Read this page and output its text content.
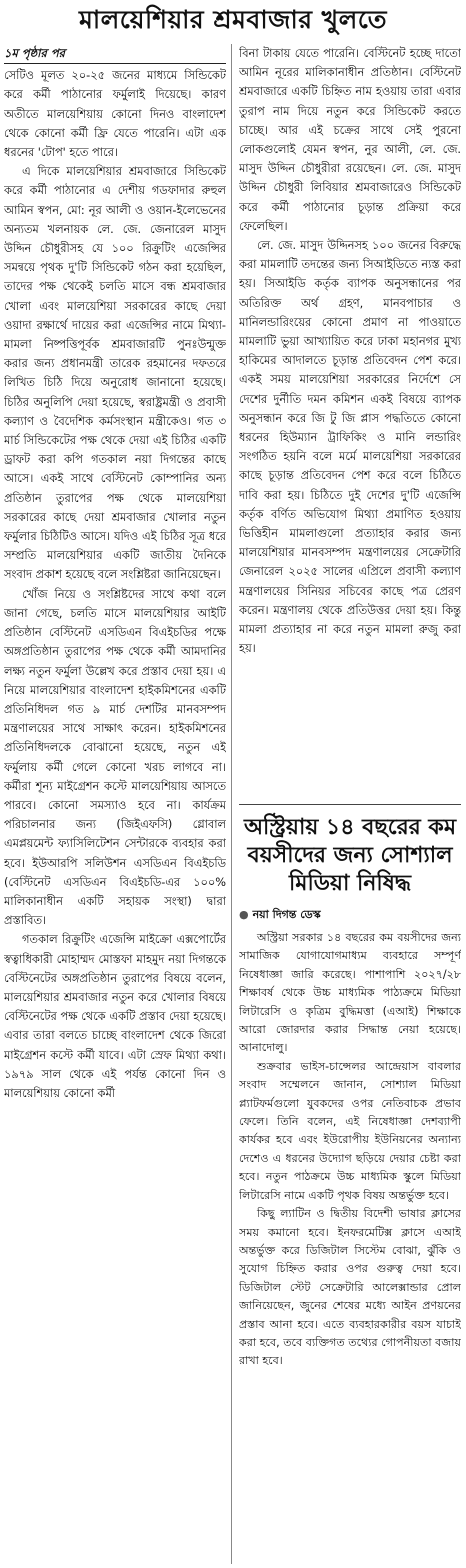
মালয়েশিয়ার শ্রমবাজার খুলতে
১ম পৃষ্ঠার পর

সেটিও মূলত ২০-২৫ জনের মাধ্যমে সিন্ডিকেট করে কর্মী পাঠানোর ফর্মুলাই দিয়েছে। কারণ অতীতে মালয়েশিয়ায় কোনো দিনও বাংলাদেশ থেকে কোনো কর্মী ফ্রি যেতে পারেনি। এটা এক ধরনের 'টোপ' হতে পারে।

এ দিকে মালয়েশিয়ার শ্রমবাজারে সিন্ডিকেট করে কর্মী পাঠানোর এ দেশীয় গডফাদার রুহুল আমিন স্বপন, মো: নূর আলী ও ওয়ান-ইলেভেনের অন্যতম খলনায়ক লে. জে. জেনারেল মাসুদ উদ্দিন চৌধুরীসহ যে ১০০ রিক্রুটিং এজেন্সির সমন্বয়ে পৃথক দু'টি সিন্ডিকেট গঠন করা হয়েছিল, তাদের পক্ষ থেকেই চলতি মাসে বন্ধ শ্রমবাজার খোলা এবং মালয়েশিয়া সরকারের কাছে দেয়া ওয়াদা রক্ষার্থে দায়ের করা এজেন্সির নামে মিথ্যা-মামলা নিষ্পত্তিপূর্বক শ্রমবাজারটি পুনঃউন্মুক্ত করার জন্য প্রধানমন্ত্রী তারেক রহমানের দফতরে লিখিত চিঠি দিয়ে অনুরোধ জানানো হয়েছে। চিঠির অনুলিপি দেয়া হয়েছে, স্বরাষ্ট্রমন্ত্রী ও প্রবাসী কল্যাণ ও বৈদেশিক কর্মসংস্থান মন্ত্রীকেও। গত ৩ মার্চ সিন্ডিকেটের পক্ষ থেকে দেয়া এই চিঠির একটি ড্রাফট করা কপি গতকাল নয়া দিগন্তের কাছে আসে। একই সাথে বেস্টিনেট কোম্পানির অন্য প্রতিষ্ঠান তুরাপের পক্ষ থেকে মালয়েশিয়া সরকারের কাছে দেয়া শ্রমবাজার খোলার নতুন ফর্মুলার চিঠিটিও আসে। যদিও এই চিঠির সূত্র ধরে সম্প্রতি মালয়েশিয়ার একটি জাতীয় দৈনিকে সংবাদ প্রকাশ হয়েছে বলে সংশ্লিষ্টরা জানিয়েছেন।

খোঁজ নিয়ে ও সংশ্লিষ্টদের সাথে কথা বলে জানা গেছে, চলতি মাসে মালয়েশিয়ার আইটি প্রতিষ্ঠান বেস্টিনেট এসডিএন বিএইচডির পক্ষে অঙ্গপ্রতিষ্ঠান তুরাপের পক্ষ থেকে কর্মী আমদানির লক্ষ্য নতুন ফর্মুলা উল্লেখ করে প্রস্তাব দেয়া হয়। এ নিয়ে মালয়েশিয়ার বাংলাদেশ হাইকমিশনের একটি প্রতিনিধিদল গত ৯ মার্চ দেশটির মানবসম্পদ মন্ত্রণালয়ের সাথে সাক্ষাৎ করেন। হাইকমিশনের প্রতিনিধিদলকে বোঝানো হয়েছে, নতুন এই ফর্মুলায় কর্মী গেলে কোনো খরচ লাগবে না। কর্মীরা শূন্য মাইগ্রেশন কস্টে মালয়েশিয়ায় আসতে পারবে। কোনো সমস্যাও হবে না। কার্যক্রম পরিচালনার জন্য (জিইএফসি) গ্লোবাল এমপ্লয়মেন্ট ফ্যাসিলিটেশন সেন্টারকে ব্যবহার করা হবে। ইউআরপি সলিউশন এসডিএন বিএইচডি (বেস্টিনেট এসডিএন বিএইচডি-এর ১০০% মালিকানাধীন একটি সহায়ক সংস্থা) দ্বারা প্রস্তাবিত।

গতকাল রিক্রুটিং এজেন্সি মাইক্রো এক্সপোর্টের স্বত্বাধিকারী মোহাম্মদ মোস্তফা মাহমুদ নয়া দিগন্তকে বেস্টিনেটের অঙ্গপ্রতিষ্ঠান তুরাপের বিষয়ে বলেন, মালয়েশিয়ার শ্রমবাজার নতুন করে খোলার বিষয়ে বেস্টিনেটের পক্ষ থেকে একটি প্রস্তাব দেয়া হয়েছে। এবার তারা বলতে চাচ্ছে বাংলাদেশ থেকে জিরো মাইগ্রেশন কস্টে কর্মী যাবে। এটা স্রেফ মিথ্যা কথা। ১৯৭৯ সাল থেকে এই পর্যন্ত কোনো দিন ও মালয়েশিয়ায় কোনো কর্মী

বিনা টাকায় যেতে পারেনি। বেস্টিনেট হচ্ছে দাতো আমিন নূরের মালিকানাধীন প্রতিষ্ঠান। বেস্টিনেট শ্রমবাজারে একটি চিহ্নিত নাম হওয়ায় তারা এবার তুরাপ নাম দিয়ে নতুন করে সিন্ডিকেট করতে চাচ্ছে। আর এই চক্রের সাথে সেই পুরনো লোকগুলোই যেমন স্বপন, নুর আলী, লে. জে. মাসুদ উদ্দিন চৌধুরীরা রয়েছেন। লে. জে. মাসুদ উদ্দিন চৌধুরী লিবিয়ার শ্রমবাজারেও সিন্ডিকেট করে কর্মী পাঠানোর চূড়ান্ত প্রক্রিয়া করে ফেলেছিল।

লে. জে. মাসুদ উদ্দিনসহ ১০০ জনের বিরুদ্ধে করা মামলাটি তদন্তের জন্য সিআইডিতে ন্যস্ত করা হয়। সিআইডি কর্তৃক ব্যাপক অনুসন্ধানের পর অতিরিক্ত অর্থ গ্রহণ, মানবপাচার ও মানিলন্ডারিংয়ের কোনো প্রমাণ না পাওয়াতে মামলাটি ভুয়া আখ্যায়িত করে ঢাকা মহানগর মুখ্য হাকিমের আদালতে চূড়ান্ত প্রতিবেদন পেশ করে। একই সময় মালয়েশিয়া সরকারের নির্দেশে সে দেশের দুর্নীতি দমন কমিশন একই বিষয়ে ব্যাপক অনুসন্ধান করে জি টু জি প্লাস পদ্ধতিতে কোনো ধরনের হিউম্যান ট্রাফিকিং ও মানি লন্ডারিং সংগঠিত হয়নি বলে মর্মে মালয়েশিয়া সরকারের কাছে চূড়ান্ত প্রতিবেদন পেশ করে বলে চিঠিতে দাবি করা হয়। চিঠিতে দুই দেশের দু'টি এজেন্সি কর্তৃক বর্ণিত অভিযোগ মিথ্যা প্রমাণিত হওয়ায় ভিত্তিহীন মামলাগুলো প্রত্যাহার করার জন্য মালয়েশিয়ার মানবসম্পদ মন্ত্রণালয়ের সেক্রেটারি জেনারেল ২০২৫ সালের এপ্রিলে প্রবাসী কল্যাণ মন্ত্রণালয়ের সিনিয়র সচিবের কাছে পত্র প্রেরণ করেন। মন্ত্রণালয় থেকে প্রতিউত্তর দেয়া হয়। কিন্তু মামলা প্রত্যাহার না করে নতুন মামলা রুজু করা হয়।

অস্ট্রিয়ায় ১৪ বছরের কম বয়সীদের জন্য সোশ্যাল মিডিয়া নিষিদ্ধ
● নয়া দিগন্ত ডেস্ক

অস্ট্রিয়া সরকার ১৪ বছরের কম বয়সীদের জন্য সামাজিক যোগাযোগমাধ্যম ব্যবহারে সম্পূর্ণ নিষেধাজ্ঞা জারি করেছে। পাশাপাশি ২০২৭/২৮ শিক্ষাবর্ষ থেকে উচ্চ মাধ্যমিক পাঠ্যক্রমে মিডিয়া লিটারেসি ও কৃত্রিম বুদ্ধিমত্তা (এআই) শিক্ষাকে আরো জোরদার করার সিদ্ধান্ত নেয়া হয়েছে। আনাদোলু।

শুক্রবার ভাইস-চান্সেলর আন্দ্রেয়াস বাবলার সংবাদ সম্মেলনে জানান, সোশ্যাল মিডিয়া প্ল্যাটফর্মগুলো যুবকদের ওপর নেতিবাচক প্রভাব ফেলে। তিনি বলেন, এই নিষেধাজ্ঞা দেশব্যাপী কার্যকর হবে এবং ইউরোপীয় ইউনিয়নের অন্যান্য দেশেও এ ধরনের উদ্যোগ ছড়িয়ে দেয়ার চেষ্টা করা হবে। নতুন পাঠক্রমে উচ্চ মাধ্যমিক স্কুলে মিডিয়া লিটারেসি নামে একটি পৃথক বিষয় অন্তর্ভুক্ত হবে।

কিছু ল্যাটিন ও দ্বিতীয় বিদেশী ভাষার ক্লাসের সময় কমানো হবে। ইনফরমেটিক্স ক্লাসে এআই অন্তর্ভুক্ত করে ডিজিটাল সিস্টেম বোঝা, ঝুঁকি ও সুযোগ চিহ্নিত করার ওপর গুরুত্ব দেয়া হবে। ডিজিটাল স্টেট সেক্রেটারি আলেক্সান্ডার প্রোল জানিয়েছেন, জুনের শেষের মধ্যে আইন প্রণয়নের প্রস্তাব আনা হবে। এতে ব্যবহারকারীর বয়স যাচাই করা হবে, তবে ব্যক্তিগত তথ্যের গোপনীয়তা বজায় রাখা হবে।
